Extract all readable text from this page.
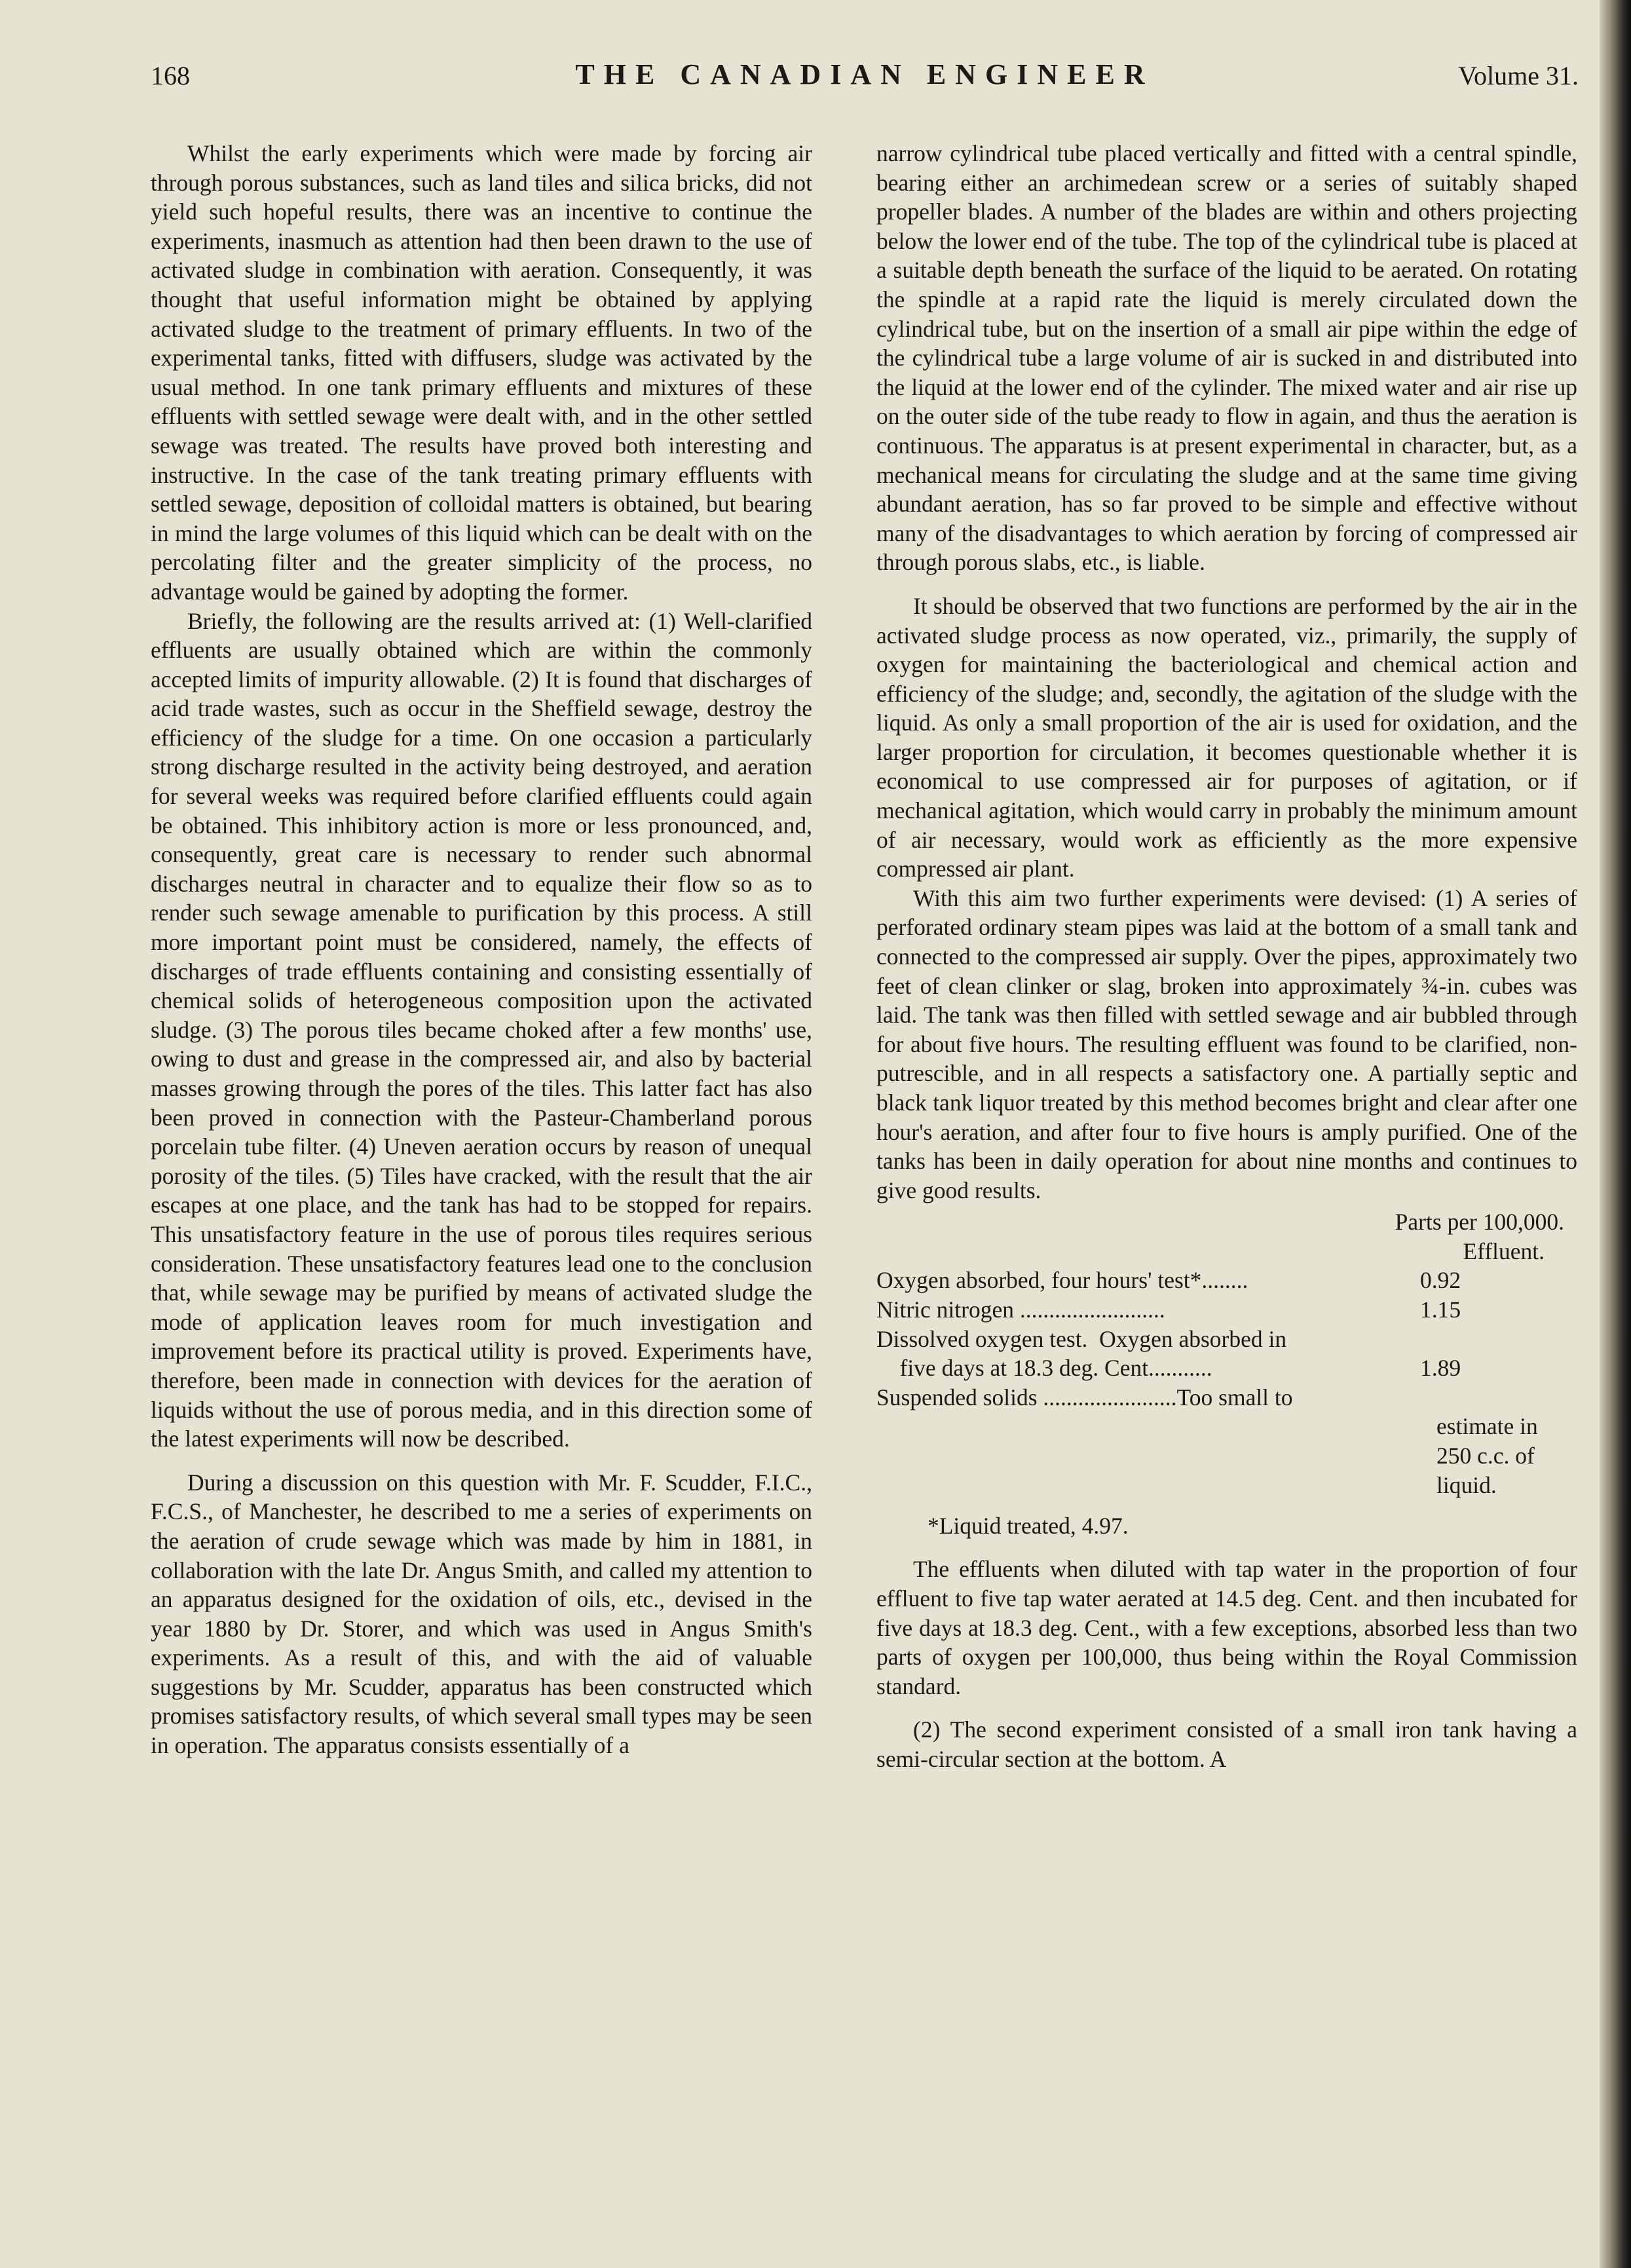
168	THE CANADIAN ENGINEER	Volume 31.

Whilst the early experiments which were made by forcing air through porous substances, such as land tiles and silica bricks, did not yield such hopeful results, there was an incentive to continue the experiments, inasmuch as attention had then been drawn to the use of activated sludge in combination with aeration. Consequently, it was thought that useful information might be obtained by applying activated sludge to the treatment of primary effluents. In two of the experimental tanks, fitted with diffusers, sludge was activated by the usual method. In one tank primary effluents and mixtures of these effluents with settled sewage were dealt with, and in the other settled sewage was treated. The results have proved both interesting and instructive. In the case of the tank treating primary effluents with settled sewage, deposition of colloidal matters is obtained, but bearing in mind the large volumes of this liquid which can be dealt with on the percolating filter and the greater simplicity of the process, no advantage would be gained by adopting the former.

Briefly, the following are the results arrived at: (1) Well-clarified effluents are usually obtained which are within the commonly accepted limits of impurity allowable. (2) It is found that discharges of acid trade wastes, such as occur in the Sheffield sewage, destroy the efficiency of the sludge for a time. On one occasion a particularly strong discharge resulted in the activity being destroyed, and aeration for several weeks was required before clarified effluents could again be obtained. This inhibitory action is more or less pronounced, and, consequently, great care is necessary to render such abnormal discharges neutral in character and to equalize their flow so as to render such sewage amenable to purification by this process. A still more important point must be considered, namely, the effects of discharges of trade effluents containing and consisting essentially of chemical solids of heterogeneous composition upon the activated sludge. (3) The porous tiles became choked after a few months' use, owing to dust and grease in the compressed air, and also by bacterial masses growing through the pores of the tiles. This latter fact has also been proved in connection with the Pasteur-Chamberland porous porcelain tube filter. (4) Uneven aeration occurs by reason of unequal porosity of the tiles. (5) Tiles have cracked, with the result that the air escapes at one place, and the tank has had to be stopped for repairs. This unsatisfactory feature in the use of porous tiles requires serious consideration. These unsatisfactory features lead one to the conclusion that, while sewage may be purified by means of activated sludge the mode of application leaves room for much investigation and improvement before its practical utility is proved. Experiments have, therefore, been made in connection with devices for the aeration of liquids without the use of porous media, and in this direction some of the latest experiments will now be described.

During a discussion on this question with Mr. F. Scudder, F.I.C., F.C.S., of Manchester, he described to me a series of experiments on the aeration of crude sewage which was made by him in 1881, in collaboration with the late Dr. Angus Smith, and called my attention to an apparatus designed for the oxidation of oils, etc., devised in the year 1880 by Dr. Storer, and which was used in Angus Smith's experiments. As a result of this, and with the aid of valuable suggestions by Mr. Scudder, apparatus has been constructed which promises satisfactory results, of which several small types may be seen in operation. The apparatus consists essentially of a

narrow cylindrical tube placed vertically and fitted with a central spindle, bearing either an archimedean screw or a series of suitably shaped propeller blades. A number of the blades are within and others projecting below the lower end of the tube. The top of the cylindrical tube is placed at a suitable depth beneath the surface of the liquid to be aerated. On rotating the spindle at a rapid rate the liquid is merely circulated down the cylindrical tube, but on the insertion of a small air pipe within the edge of the cylindrical tube a large volume of air is sucked in and distributed into the liquid at the lower end of the cylinder. The mixed water and air rise up on the outer side of the tube ready to flow in again, and thus the aeration is continuous. The apparatus is at present experimental in character, but, as a mechanical means for circulating the sludge and at the same time giving abundant aeration, has so far proved to be simple and effective without many of the disadvantages to which aeration by forcing of compressed air through porous slabs, etc., is liable.

It should be observed that two functions are performed by the air in the activated sludge process as now operated, viz., primarily, the supply of oxygen for maintaining the bacteriological and chemical action and efficiency of the sludge; and, secondly, the agitation of the sludge with the liquid. As only a small proportion of the air is used for oxidation, and the larger proportion for circulation, it becomes questionable whether it is economical to use compressed air for purposes of agitation, or if mechanical agitation, which would carry in probably the minimum amount of air necessary, would work as efficiently as the more expensive compressed air plant.

With this aim two further experiments were devised: (1) A series of perforated ordinary steam pipes was laid at the bottom of a small tank and connected to the compressed air supply. Over the pipes, approximately two feet of clean clinker or slag, broken into approximately ¾-in. cubes was laid. The tank was then filled with settled sewage and air bubbled through for about five hours. The resulting effluent was found to be clarified, non-putrescible, and in all respects a satisfactory one. A partially septic and black tank liquor treated by this method becomes bright and clear after one hour's aeration, and after four to five hours is amply purified. One of the tanks has been in daily operation for about nine months and continues to give good results.

Parts per 100,000.
Effluent.
Oxygen absorbed, four hours' test*........	0.92
Nitric nitrogen .........................	1.15
Dissolved oxygen test.  Oxygen absorbed in
five days at 18.3 deg. Cent...........	1.89
Suspended solids .......................Too small to
estimate in
250 c.c. of
liquid.
*Liquid treated, 4.97.

The effluents when diluted with tap water in the proportion of four effluent to five tap water aerated at 14.5 deg. Cent. and then incubated for five days at 18.3 deg. Cent., with a few exceptions, absorbed less than two parts of oxygen per 100,000, thus being within the Royal Commission standard.

(2) The second experiment consisted of a small iron tank having a semi-circular section at the bottom. A
